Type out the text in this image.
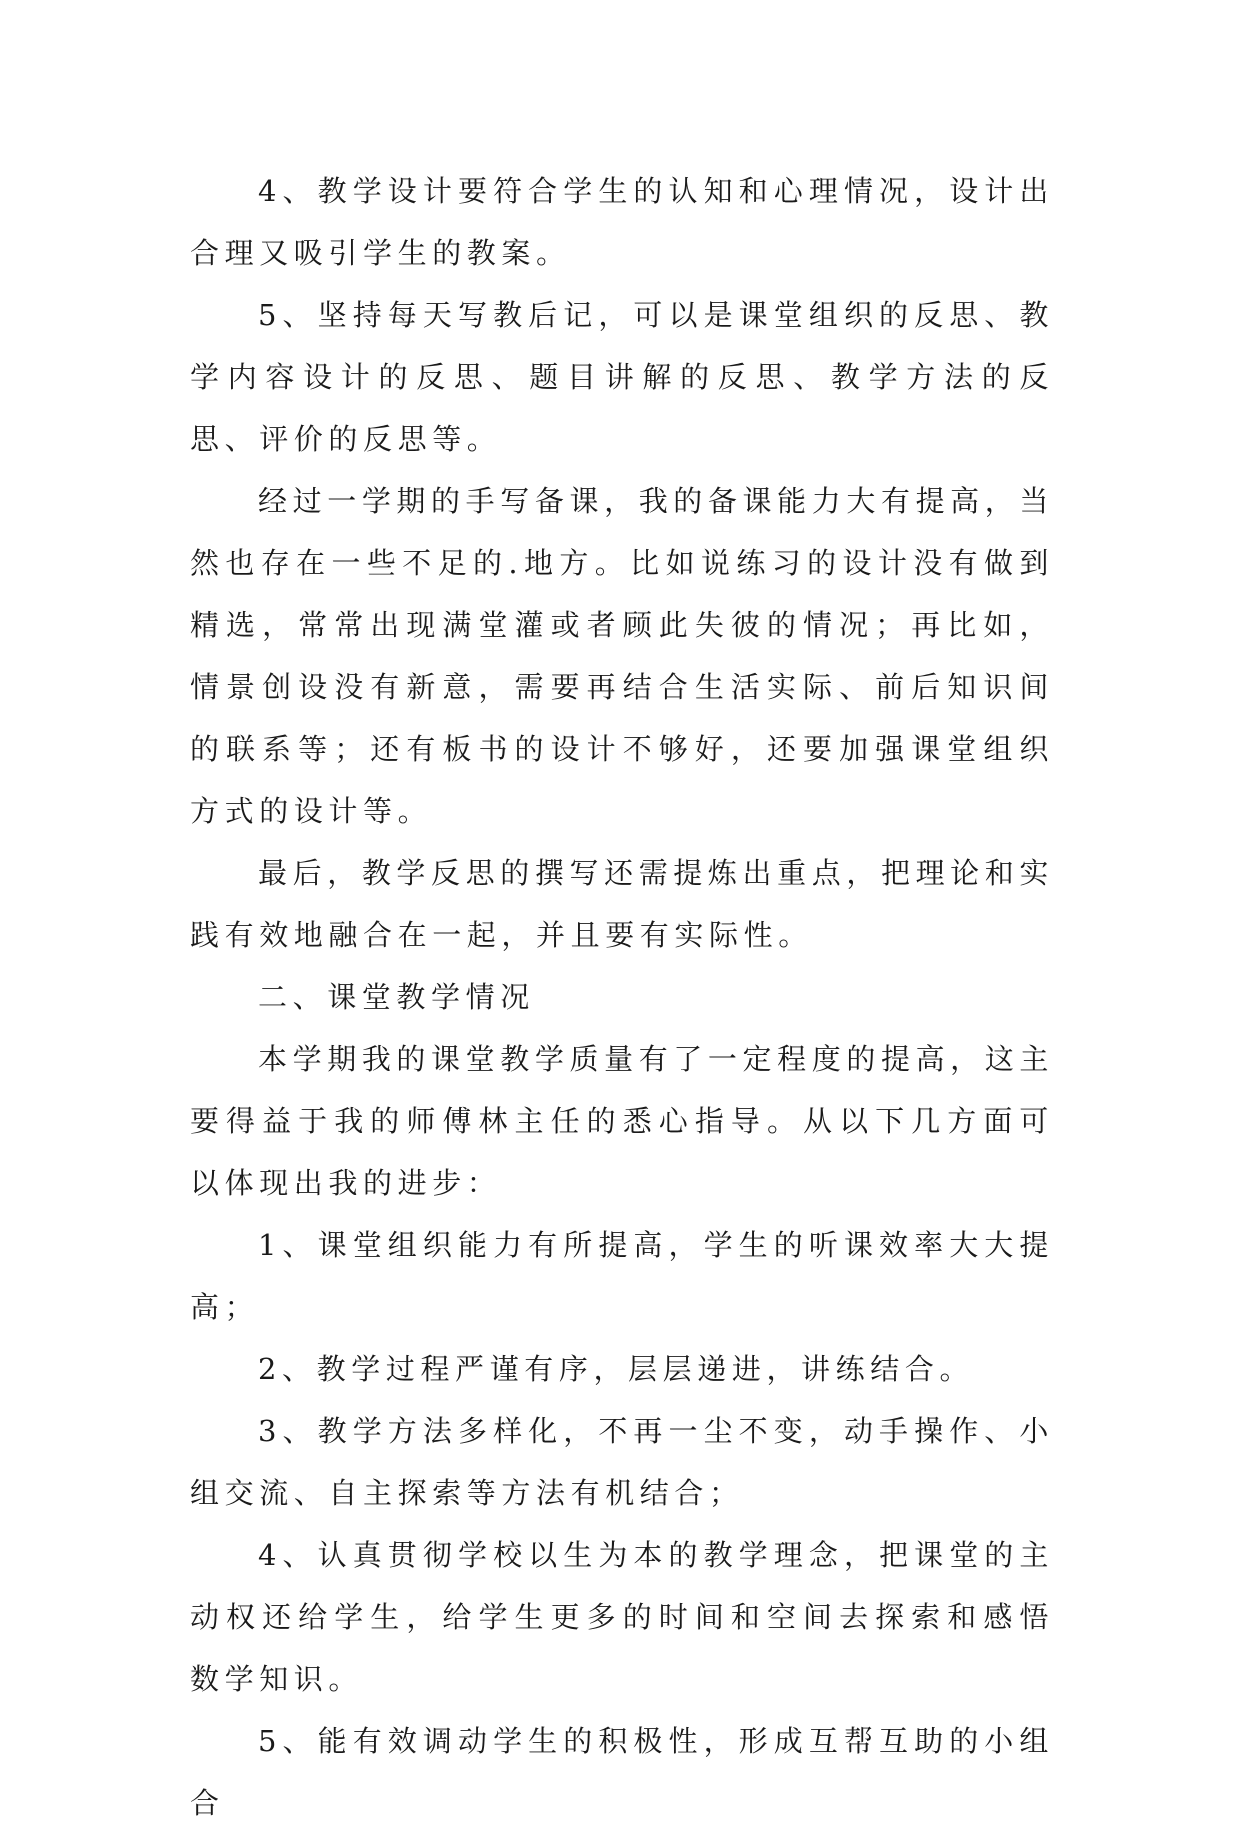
4、教学设计要符合学生的认知和心理情况，设计出合理又吸引学生的教案。

5、坚持每天写教后记，可以是课堂组织的反思、教学内容设计的反思、题目讲解的反思、教学方法的反思、评价的反思等。

经过一学期的手写备课，我的备课能力大有提高，当然也存在一些不足的.地方。比如说练习的设计没有做到精选，常常出现满堂灌或者顾此失彼的情况；再比如，情景创设没有新意，需要再结合生活实际、前后知识间的联系等；还有板书的设计不够好，还要加强课堂组织方式的设计等。

最后，教学反思的撰写还需提炼出重点，把理论和实践有效地融合在一起，并且要有实际性。

二、课堂教学情况

本学期我的课堂教学质量有了一定程度的提高，这主要得益于我的师傅林主任的悉心指导。从以下几方面可以体现出我的进步：

1、课堂组织能力有所提高，学生的听课效率大大提高；

2、教学过程严谨有序，层层递进，讲练结合。

3、教学方法多样化，不再一尘不变，动手操作、小组交流、自主探索等方法有机结合；

4、认真贯彻学校以生为本的教学理念，把课堂的主动权还给学生，给学生更多的时间和空间去探索和感悟数学知识。

5、能有效调动学生的积极性，形成互帮互助的小组合
